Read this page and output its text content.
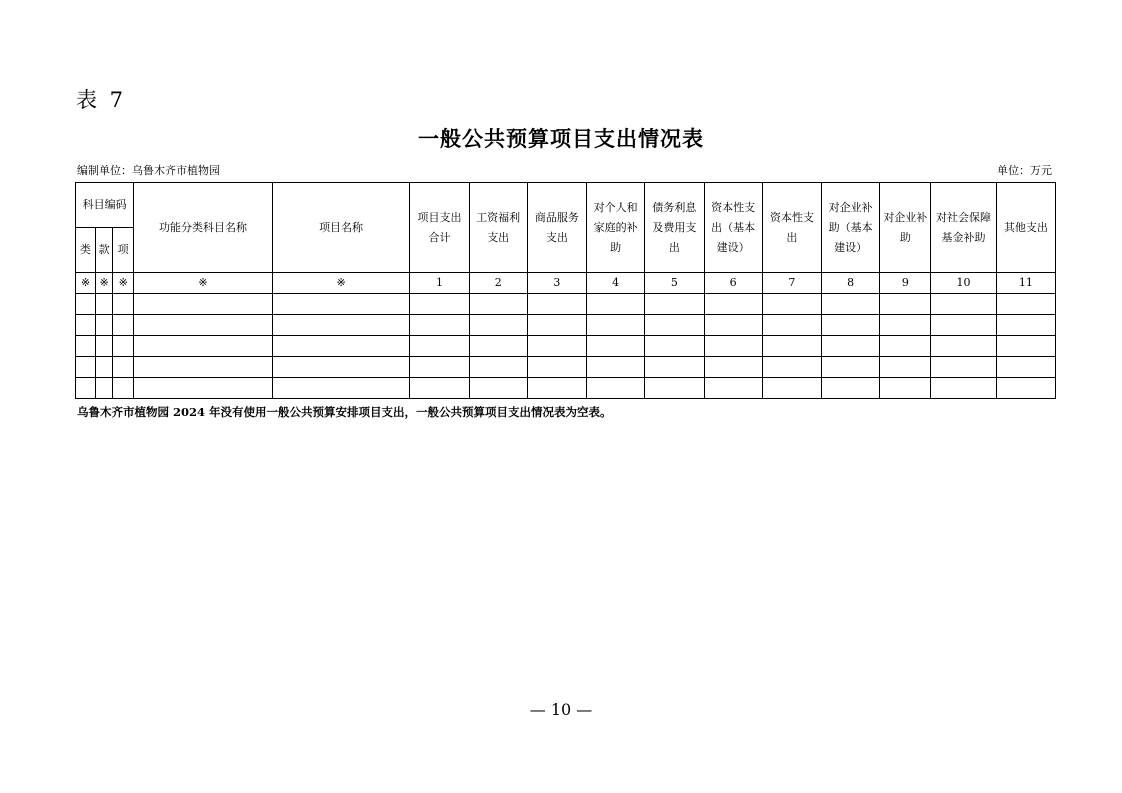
表 7
一般公共预算项目支出情况表
编制单位：乌鲁木齐市植物园	单位：万元
科目编码			功能分类科目名称	项目名称	项目支出合计	工资福利支出	商品服务支出	对个人和家庭的补助	债务利息及费用支出	资本性支出（基本建设）	资本性支出	对企业补助（基本建设）	对企业补助	对社会保障基金补助	其他支出
类	款	项													
※	※	※	※	※	1	2	3	4	5	6	7	8	9	10	11

乌鲁木齐市植物园 2024 年没有使用一般公共预算安排项目支出，一般公共预算项目支出情况表为空表。
— 10 —
